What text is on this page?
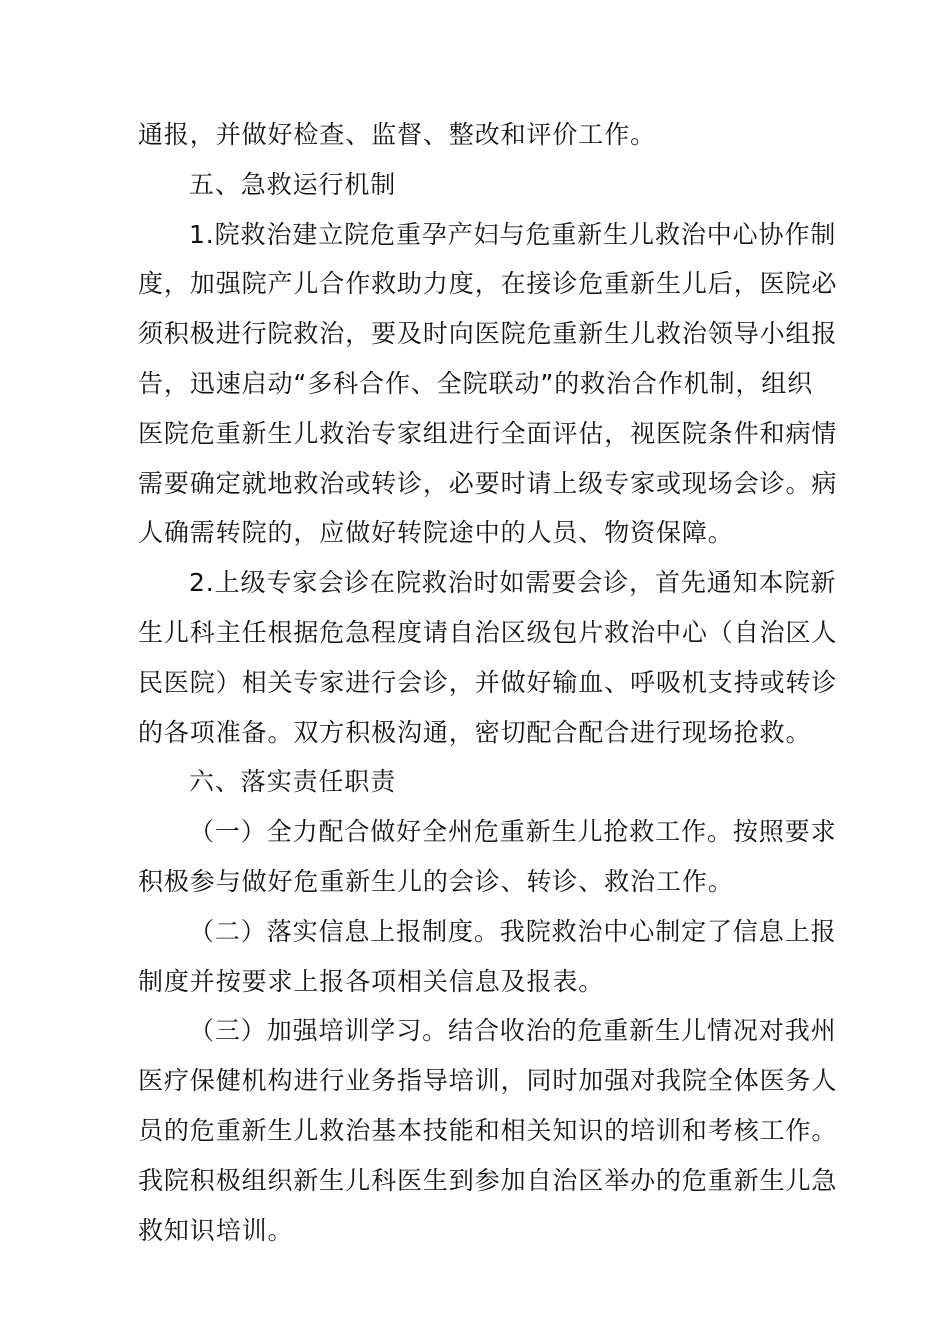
通报，并做好检查、监督、整改和评价工作。
五、急救运行机制
1.院救治建立院危重孕产妇与危重新生儿救治中心协作制
度，加强院产儿合作救助力度，在接诊危重新生儿后，医院必
须积极进行院救治，要及时向医院危重新生儿救治领导小组报
告，迅速启动“多科合作、全院联动”的救治合作机制，组织
医院危重新生儿救治专家组进行全面评估，视医院条件和病情
需要确定就地救治或转诊，必要时请上级专家或现场会诊。病
人确需转院的，应做好转院途中的人员、物资保障。
2.上级专家会诊在院救治时如需要会诊，首先通知本院新
生儿科主任根据危急程度请自治区级包片救治中心（自治区人
民医院）相关专家进行会诊，并做好输血、呼吸机支持或转诊
的各项准备。双方积极沟通，密切配合配合进行现场抢救。
六、落实责任职责
（一）全力配合做好全州危重新生儿抢救工作。按照要求
积极参与做好危重新生儿的会诊、转诊、救治工作。
（二）落实信息上报制度。我院救治中心制定了信息上报
制度并按要求上报各项相关信息及报表。
（三）加强培训学习。结合收治的危重新生儿情况对我州
医疗保健机构进行业务指导培训，同时加强对我院全体医务人
员的危重新生儿救治基本技能和相关知识的培训和考核工作。
我院积极组织新生儿科医生到参加自治区举办的危重新生儿急
救知识培训。
